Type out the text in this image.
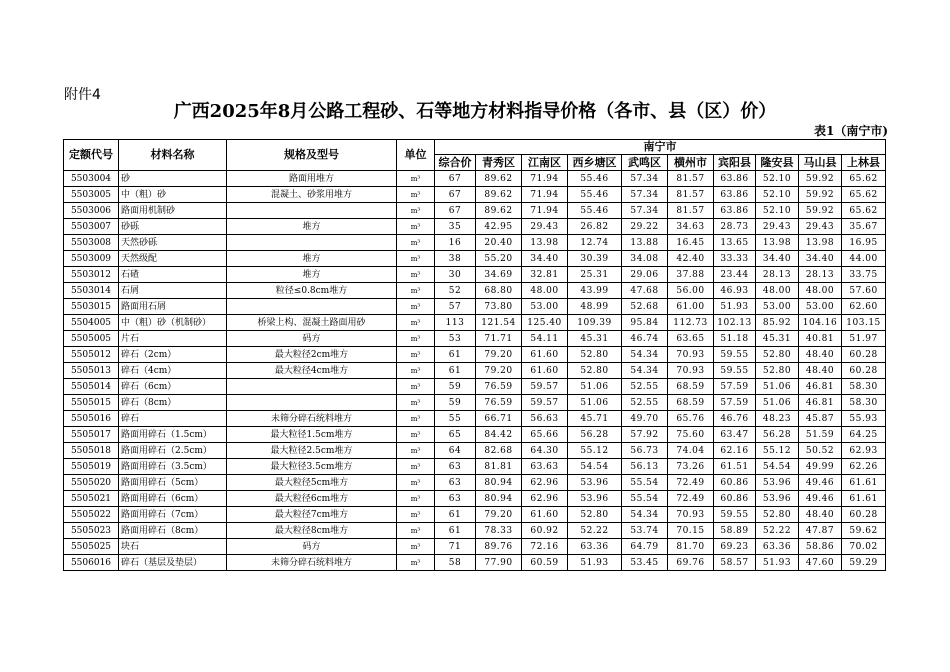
附件4
广西2025年8月公路工程砂、石等地方材料指导价格（各市、县（区）价）
表1（南宁市)
定额代号	材料名称	规格及型号	单位	南宁市									
				综合价	青秀区	江南区	西乡塘区	武鸣区	横州市	宾阳县	隆安县	马山县	上林县
5503004	砂	路面用堆方	m³	67	89.62	71.94	55.46	57.34	81.57	63.86	52.10	59.92	65.62
5503005	中（粗）砂	混凝土、砂浆用堆方	m³	67	89.62	71.94	55.46	57.34	81.57	63.86	52.10	59.92	65.62
5503006	路面用机制砂		m³	67	89.62	71.94	55.46	57.34	81.57	63.86	52.10	59.92	65.62
5503007	砂砾	堆方	m³	35	42.95	29.43	26.82	29.22	34.63	28.73	29.43	29.43	35.67
5503008	天然砂砾		m³	16	20.40	13.98	12.74	13.88	16.45	13.65	13.98	13.98	16.95
5503009	天然级配	堆方	m³	38	55.20	34.40	30.39	34.08	42.40	33.33	34.40	34.40	44.00
5503012	石碴	堆方	m³	30	34.69	32.81	25.31	29.06	37.88	23.44	28.13	28.13	33.75
5503014	石屑	粒径≤0.8cm堆方	m³	52	68.80	48.00	43.99	47.68	56.00	46.93	48.00	48.00	57.60
5503015	路面用石屑		m³	57	73.80	53.00	48.99	52.68	61.00	51.93	53.00	53.00	62.60
5504005	中（粗）砂（机制砂）	桥梁上构、混凝土路面用砂	m³	113	121.54	125.40	109.39	95.84	112.73	102.13	85.92	104.16	103.15
5505005	片石	码方	m³	53	71.71	54.11	45.31	46.74	63.65	51.18	45.31	40.81	51.97
5505012	碎石（2cm）	最大粒径2cm堆方	m³	61	79.20	61.60	52.80	54.34	70.93	59.55	52.80	48.40	60.28
5505013	碎石（4cm）	最大粒径4cm堆方	m³	61	79.20	61.60	52.80	54.34	70.93	59.55	52.80	48.40	60.28
5505014	碎石（6cm）		m³	59	76.59	59.57	51.06	52.55	68.59	57.59	51.06	46.81	58.30
5505015	碎石（8cm）		m³	59	76.59	59.57	51.06	52.55	68.59	57.59	51.06	46.81	58.30
5505016	碎石	未筛分碎石统料堆方	m³	55	66.71	56.63	45.71	49.70	65.76	46.76	48.23	45.87	55.93
5505017	路面用碎石（1.5cm）	最大粒径1.5cm堆方	m³	65	84.42	65.66	56.28	57.92	75.60	63.47	56.28	51.59	64.25
5505018	路面用碎石（2.5cm）	最大粒径2.5cm堆方	m³	64	82.68	64.30	55.12	56.73	74.04	62.16	55.12	50.52	62.93
5505019	路面用碎石（3.5cm）	最大粒径3.5cm堆方	m³	63	81.81	63.63	54.54	56.13	73.26	61.51	54.54	49.99	62.26
5505020	路面用碎石（5cm）	最大粒径5cm堆方	m³	63	80.94	62.96	53.96	55.54	72.49	60.86	53.96	49.46	61.61
5505021	路面用碎石（6cm）	最大粒径6cm堆方	m³	63	80.94	62.96	53.96	55.54	72.49	60.86	53.96	49.46	61.61
5505022	路面用碎石（7cm）	最大粒径7cm堆方	m³	61	79.20	61.60	52.80	54.34	70.93	59.55	52.80	48.40	60.28
5505023	路面用碎石（8cm）	最大粒径8cm堆方	m³	61	78.33	60.92	52.22	53.74	70.15	58.89	52.22	47.87	59.62
5505025	块石	码方	m³	71	89.76	72.16	63.36	64.79	81.70	69.23	63.36	58.86	70.02
5506016	碎石（基层及垫层）	未筛分碎石统料堆方	m³	58	77.90	60.59	51.93	53.45	69.76	58.57	51.93	47.60	59.29
